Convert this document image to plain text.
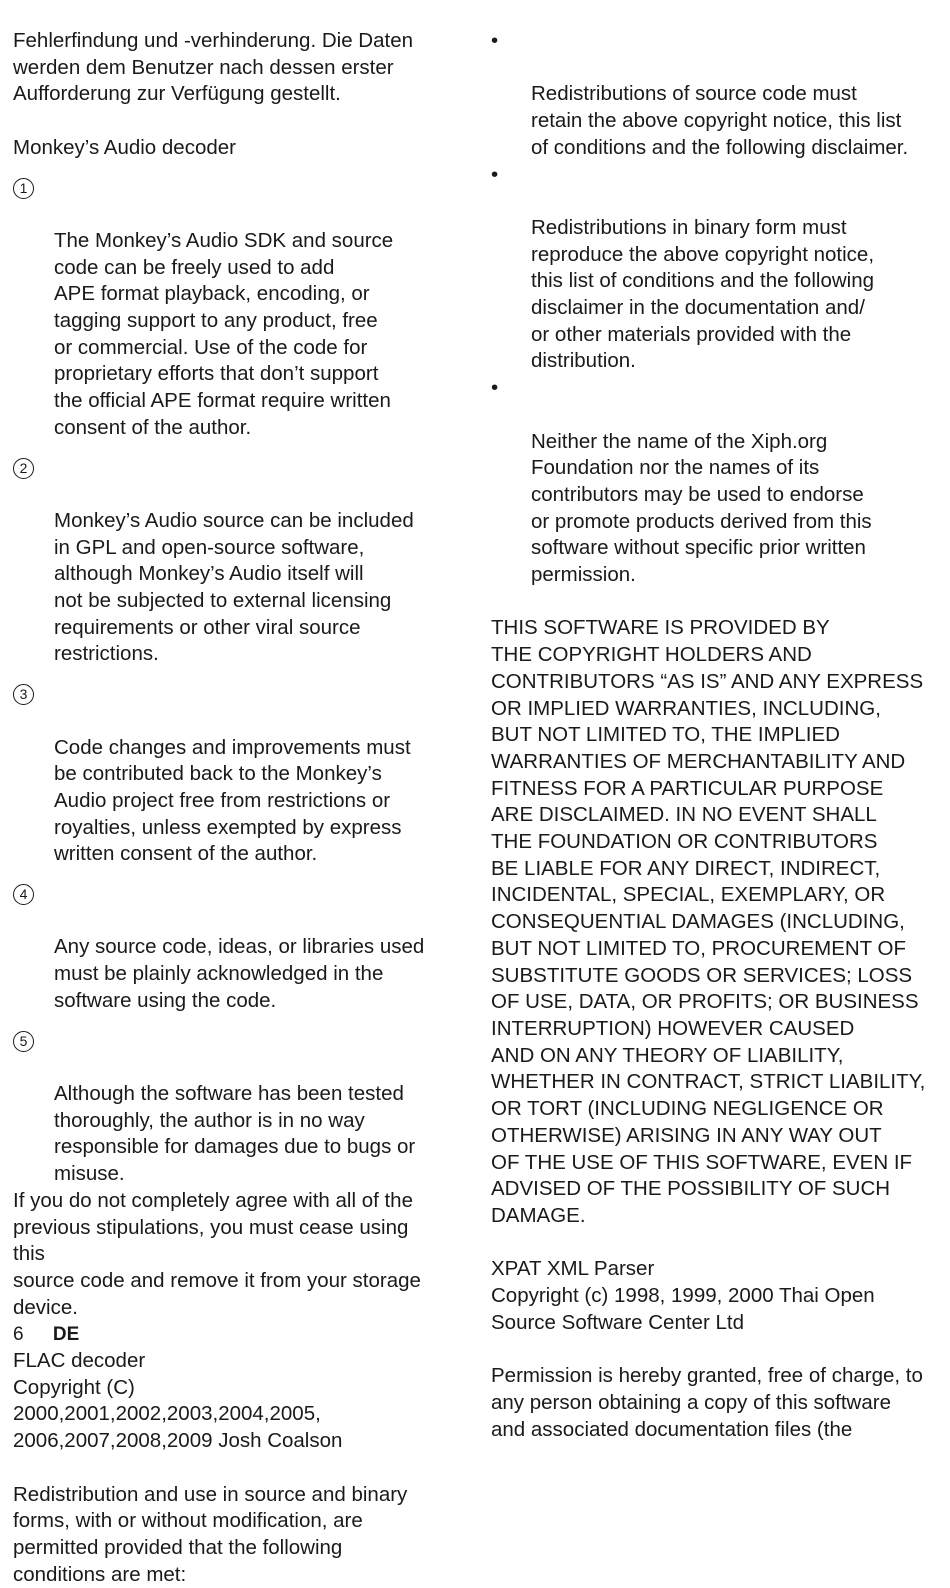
Fehlerfindung und -verhinderung. Die Daten
werden dem Benutzer nach dessen erster
Aufforderung zur Verfügung gestellt.

Monkey’s Audio decoder

1

The Monkey’s Audio SDK and source
code can be freely used to add
APE format playback, encoding, or
tagging support to any product, free
or commercial. Use of the code for
proprietary efforts that don’t support
the official APE format require written
consent of the author.

2

Monkey’s Audio source can be included
in GPL and open-source software,
although Monkey’s Audio itself will
not be subjected to external licensing
requirements or other viral source
restrictions.

3

Code changes and improvements must
be contributed back to the Monkey’s
Audio project free from restrictions or
royalties, unless exempted by express
written consent of the author.

4

Any source code, ideas, or libraries used
must be plainly acknowledged in the
software using the code.

5

Although the software has been tested
thoroughly, the author is in no way
responsible for damages due to bugs or
misuse.

If you do not completely agree with all of the
previous stipulations, you must cease using this
source code and remove it from your storage
device.

FLAC decoder

Copyright (C) 2000,2001,2002,2003,2004,2005,
2006,2007,2008,2009 Josh Coalson

Redistribution and use in source and binary
forms, with or without modification, are
permitted provided that the following
conditions are met:

•

Redistributions of source code must
retain the above copyright notice, this list
of conditions and the following disclaimer.

•

Redistributions in binary form must
reproduce the above copyright notice,
this list of conditions and the following
disclaimer in the documentation and/
or other materials provided with the
distribution.

•

Neither the name of the Xiph.org
Foundation nor the names of its
contributors may be used to endorse
or promote products derived from this
software without specific prior written
permission.

THIS SOFTWARE IS PROVIDED BY
THE COPYRIGHT HOLDERS AND
CONTRIBUTORS “AS IS” AND ANY EXPRESS
OR IMPLIED WARRANTIES, INCLUDING,
BUT NOT LIMITED TO, THE IMPLIED
WARRANTIES OF MERCHANTABILITY AND
FITNESS FOR A PARTICULAR PURPOSE
ARE DISCLAIMED. IN NO EVENT SHALL
THE FOUNDATION OR CONTRIBUTORS
BE LIABLE FOR ANY DIRECT, INDIRECT,
INCIDENTAL, SPECIAL, EXEMPLARY, OR
CONSEQUENTIAL DAMAGES (INCLUDING,
BUT NOT LIMITED TO, PROCUREMENT OF
SUBSTITUTE GOODS OR SERVICES; LOSS
OF USE, DATA, OR PROFITS; OR BUSINESS
INTERRUPTION) HOWEVER CAUSED
AND ON ANY THEORY OF LIABILITY,
WHETHER IN CONTRACT, STRICT LIABILITY,
OR TORT (INCLUDING NEGLIGENCE OR
OTHERWISE) ARISING IN ANY WAY OUT
OF THE USE OF THIS SOFTWARE, EVEN IF
ADVISED OF THE POSSIBILITY OF SUCH
DAMAGE.

XPAT XML Parser

Copyright (c) 1998, 1999, 2000 Thai Open
Source Software Center Ltd

Permission is hereby granted, free of charge, to
any person obtaining a copy of this software
and associated documentation files (the

6 DE
